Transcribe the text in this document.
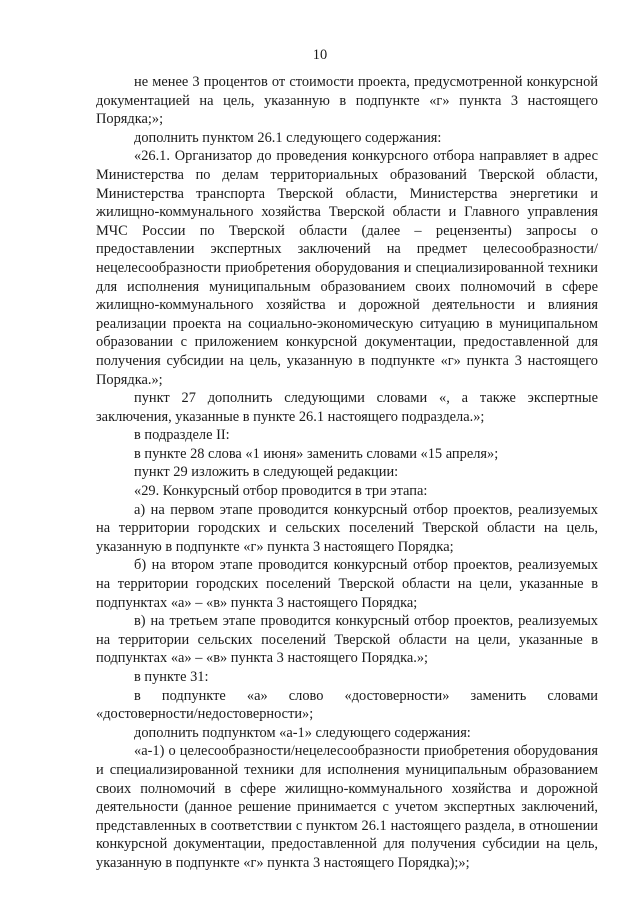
10

не менее 3 процентов от стоимости проекта, предусмотренной конкурсной документацией на цель, указанную в подпункте «г» пункта 3 настоящего Порядка;»;

дополнить пунктом 26.1 следующего содержания:

«26.1. Организатор до проведения конкурсного отбора направляет в адрес Министерства по делам территориальных образований Тверской области, Министерства транспорта Тверской области, Министерства энергетики и жилищно-коммунального хозяйства Тверской области и Главного управления МЧС России по Тверской области (далее – рецензенты) запросы о предоставлении экспертных заключений на предмет целесообразности/нецелесообразности приобретения оборудования и специализированной техники для исполнения муниципальным образованием своих полномочий в сфере жилищно-коммунального хозяйства и дорожной деятельности и влияния реализации проекта на социально-экономическую ситуацию в муниципальном образовании с приложением конкурсной документации, предоставленной для получения субсидии на цель, указанную в подпункте «г» пункта 3 настоящего Порядка.»;

пункт 27 дополнить следующими словами «, а также экспертные заключения, указанные в пункте 26.1 настоящего подраздела.»;

в подразделе II:

в пункте 28 слова «1 июня» заменить словами «15 апреля»;

пункт 29 изложить в следующей редакции:

«29. Конкурсный отбор проводится в три этапа:

а) на первом этапе проводится конкурсный отбор проектов, реализуемых на территории городских и сельских поселений Тверской области на цель, указанную в подпункте «г» пункта 3 настоящего Порядка;

б) на втором этапе проводится конкурсный отбор проектов, реализуемых на территории городских поселений Тверской области на цели, указанные в подпунктах «а» – «в» пункта 3 настоящего Порядка;

в) на третьем этапе проводится конкурсный отбор проектов, реализуемых на территории сельских поселений Тверской области на цели, указанные в подпунктах «а» – «в» пункта 3 настоящего Порядка.»;

в пункте 31:

в подпункте «а» слово «достоверности» заменить словами «достоверности/недостоверности»;

дополнить подпунктом «а-1» следующего содержания:

«а-1) о целесообразности/нецелесообразности приобретения оборудования и специализированной техники для исполнения муниципальным образованием своих полномочий в сфере жилищно-коммунального хозяйства и дорожной деятельности (данное решение принимается с учетом экспертных заключений, представленных в соответствии с пунктом 26.1 настоящего раздела, в отношении конкурсной документации, предоставленной для получения субсидии на цель, указанную в подпункте «г» пункта 3 настоящего Порядка);»;
